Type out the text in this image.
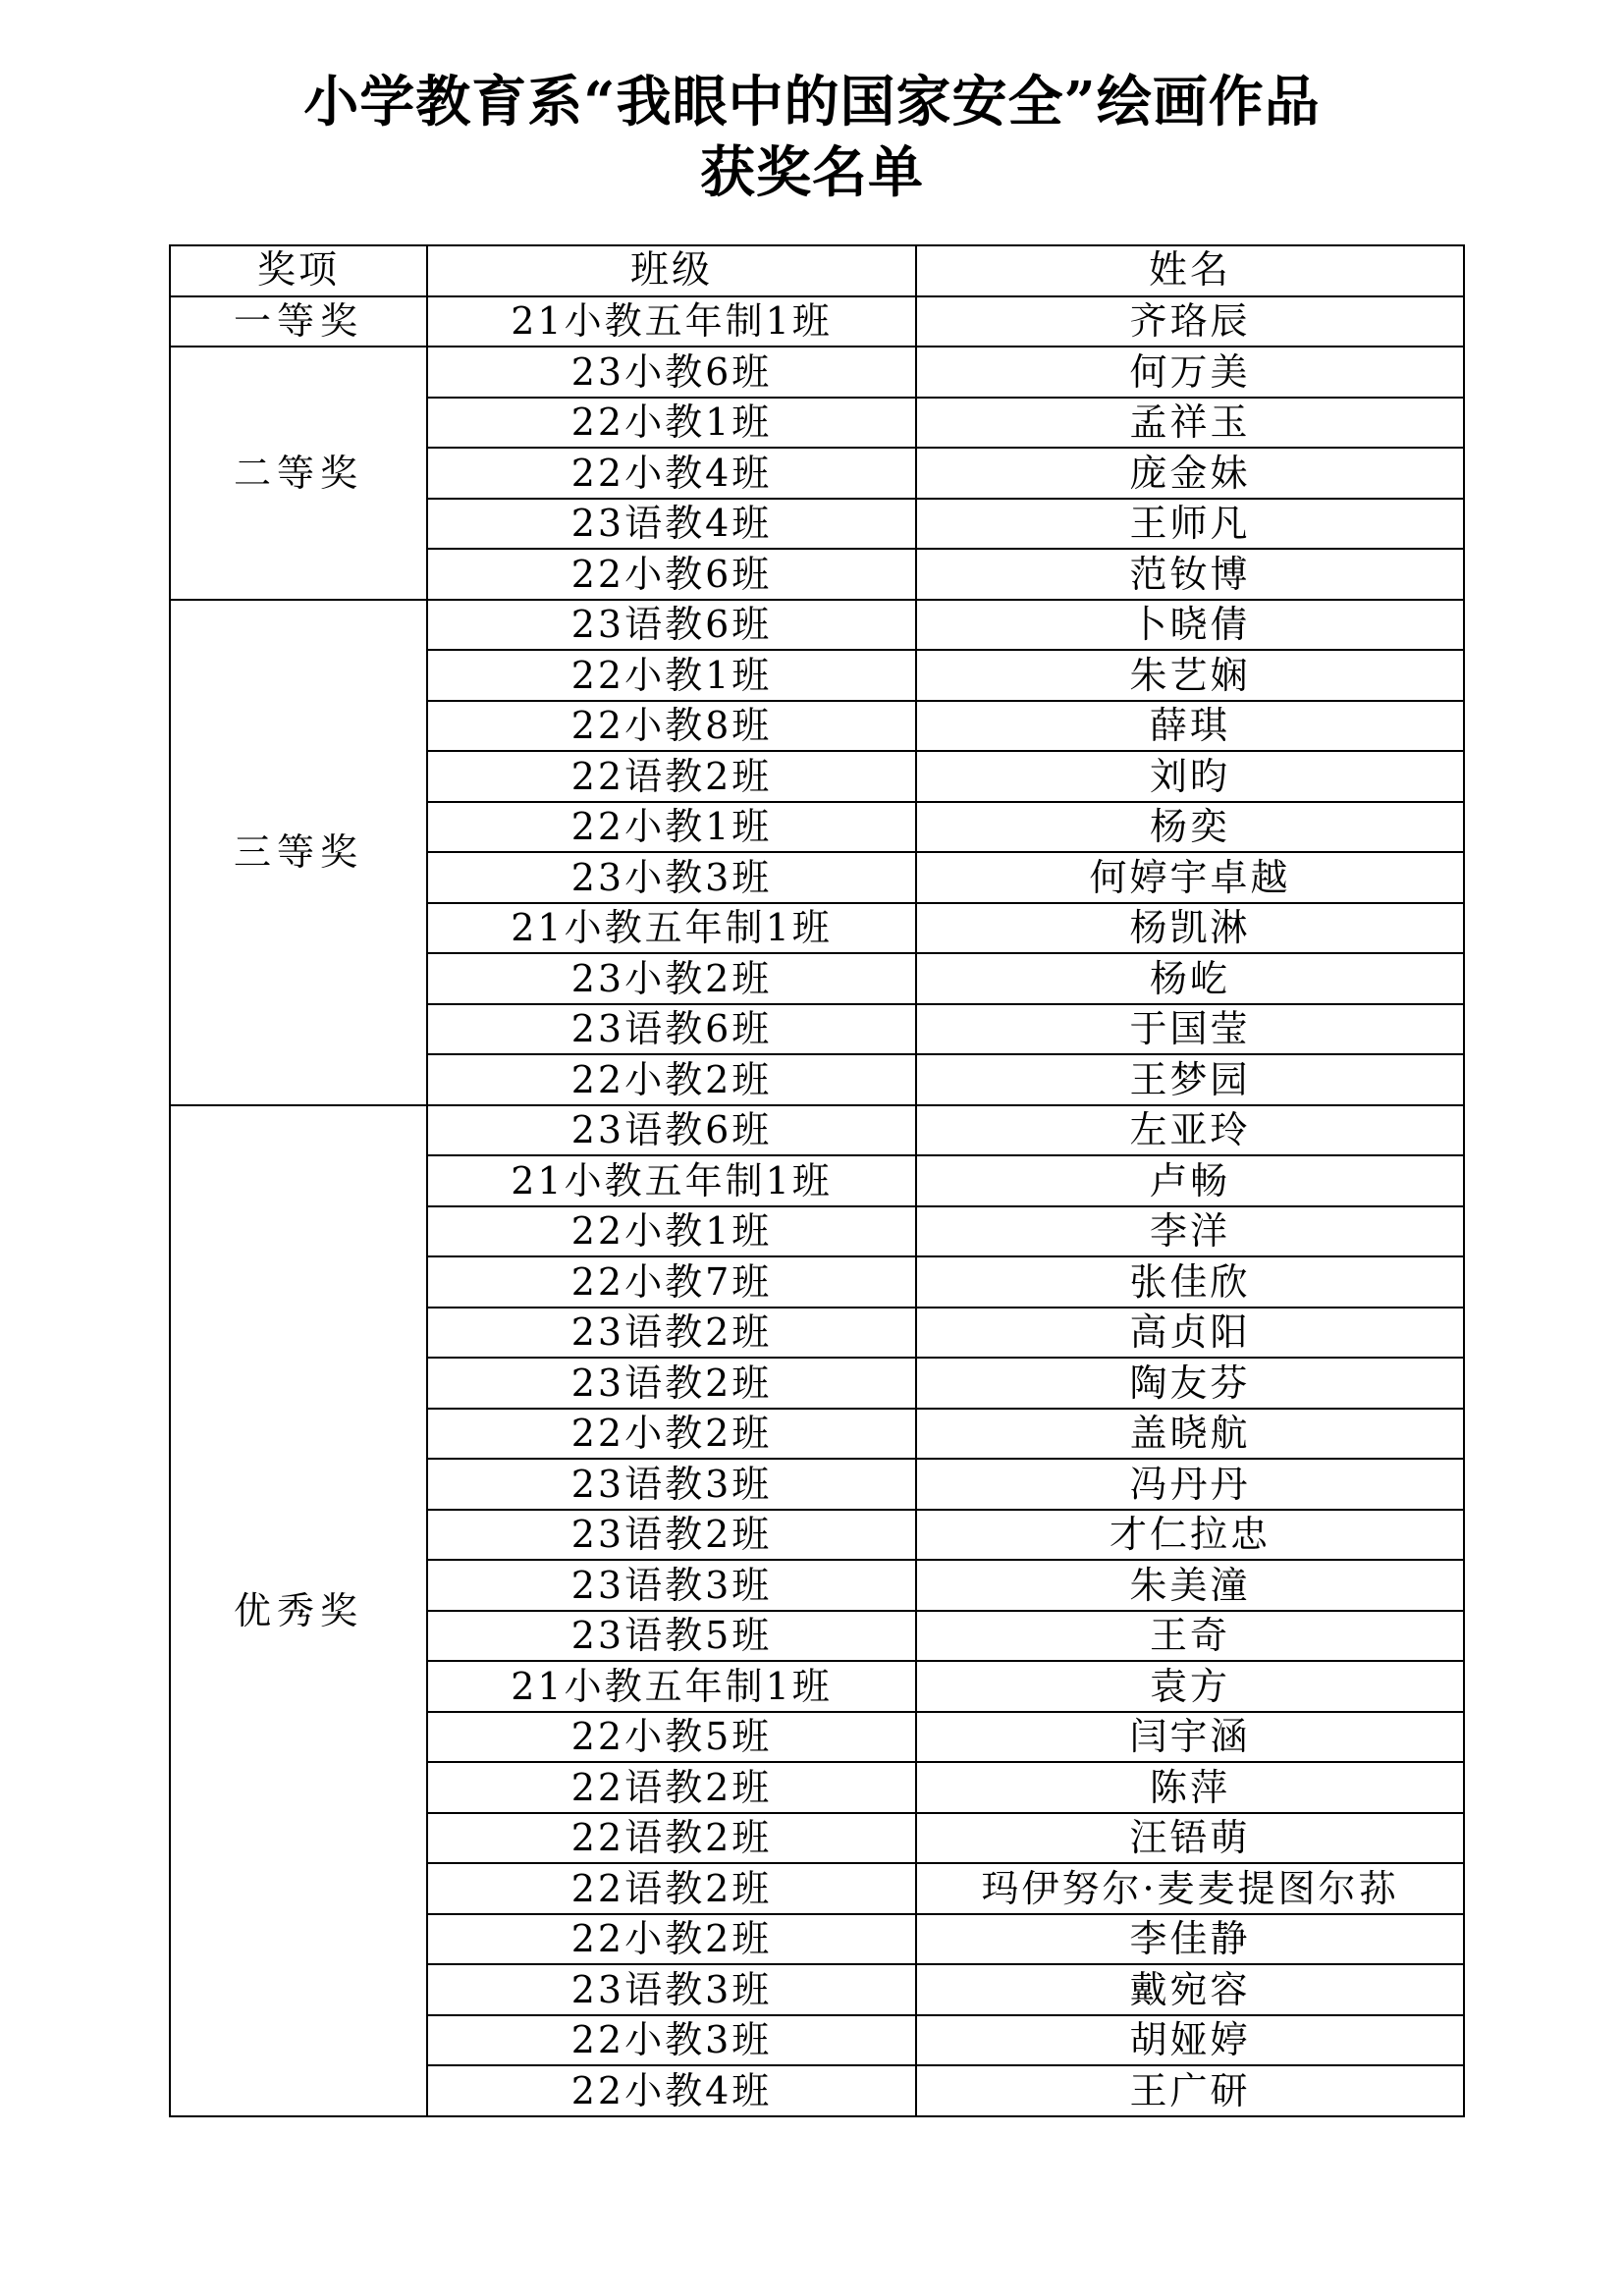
小学教育系“我眼中的国家安全”绘画作品
获奖名单
奖项	班级	姓名
一等奖	21小教五年制1班	齐珞辰
二等奖	23小教6班	何万美
	22小教1班	孟祥玉
	22小教4班	庞金妹
	23语教4班	王师凡
	22小教6班	范钕博
三等奖	23语教6班	卜晓倩
	22小教1班	朱艺娴
	22小教8班	薛琪
	22语教2班	刘昀
	22小教1班	杨奕
	23小教3班	何婷宇卓越
	21小教五年制1班	杨凯淋
	23小教2班	杨屹
	23语教6班	于国莹
	22小教2班	王梦园
优秀奖	23语教6班	左亚玲
	21小教五年制1班	卢畅
	22小教1班	李洋
	22小教7班	张佳欣
	23语教2班	高贞阳
	23语教2班	陶友芬
	22小教2班	盖晓航
	23语教3班	冯丹丹
	23语教2班	才仁拉忠
	23语教3班	朱美潼
	23语教5班	王奇
	21小教五年制1班	袁方
	22小教5班	闫宇涵
	22语教2班	陈萍
	22语教2班	汪铻萌
	22语教2班	玛伊努尔·麦麦提图尔荪
	22小教2班	李佳静
	23语教3班	戴宛容
	22小教3班	胡娅婷
	22小教4班	王广研
